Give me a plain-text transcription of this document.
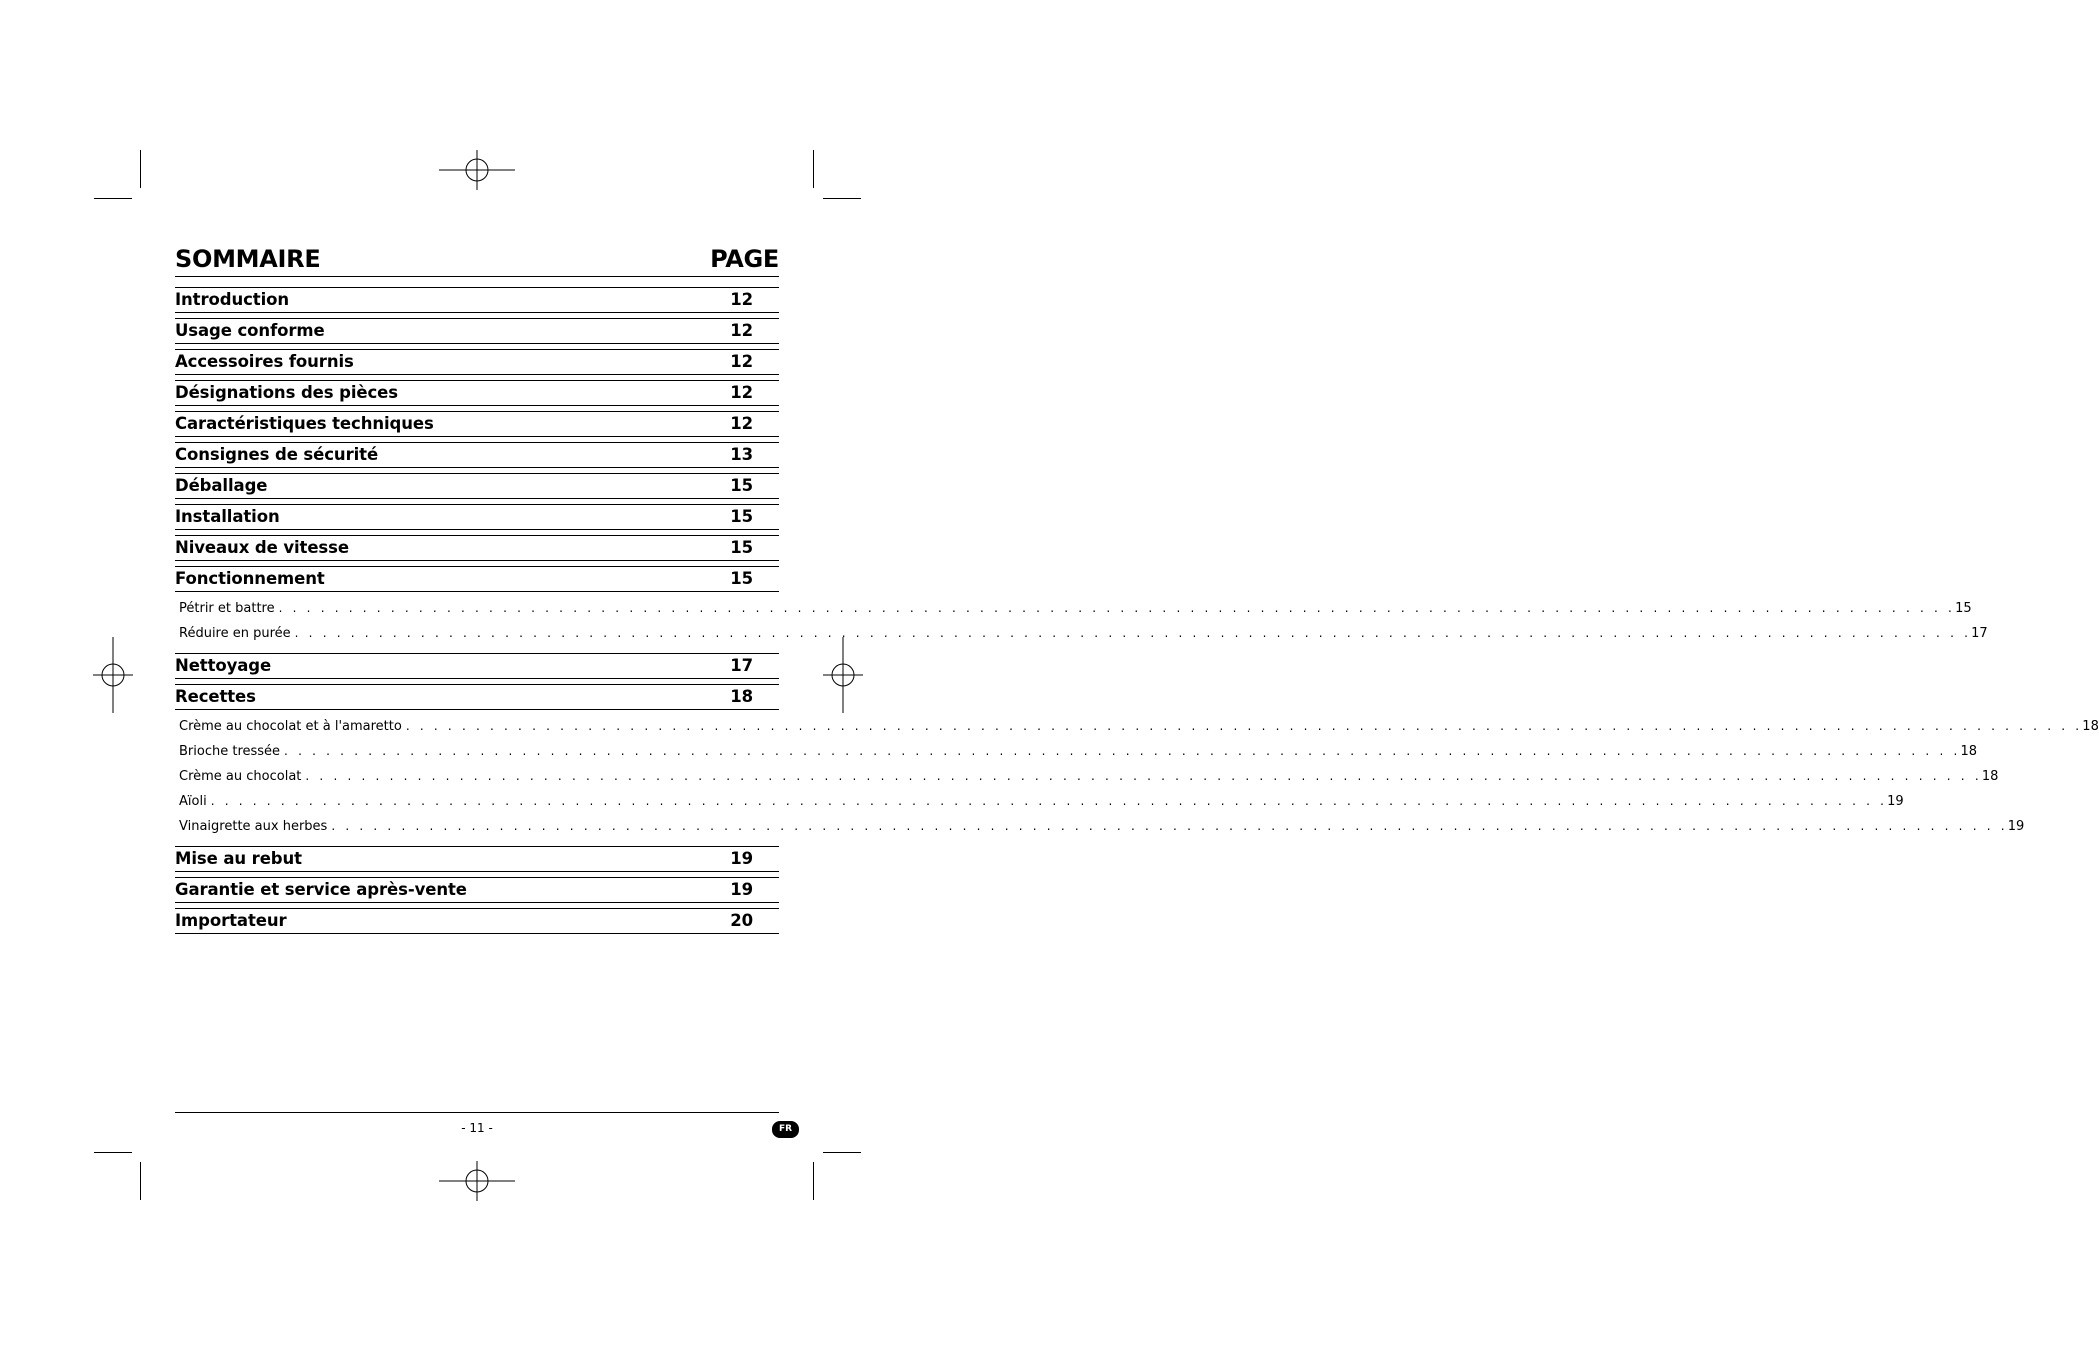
SOMMAIRE	PAGE
Introduction	12
Usage conforme	12
Accessoires fournis	12
Désignations des pièces	12
Caractéristiques techniques	12
Consignes de sécurité	13
Déballage	15
Installation	15
Niveaux de vitesse	15
Fonctionnement	15
Pétrir et battre . . . . . . . . . . . . . . . . . . . . . . . . . . . . . . . . . . . . . . . . . . . . . . . . . . . . . . . . . . . . . . . . . . . . . . . . . . . . . . . . . . . . . . . . . . . . . . . . . . . . . . . . . . . . . . . . . . . . . . . . 15
Réduire en purée . . . . . . . . . . . . . . . . . . . . . . . . . . . . . . . . . . . . . . . . . . . . . . . . . . . . . . . . . . . . . . . . . . . . . . . . . . . . . . . . . . . . . . . . . . . . . . . . . . . . . . . . . . . . . . . . . . . . . . . . 17
Nettoyage	17
Recettes	18
Crème au chocolat et à l'amaretto . . . . . . . . . . . . . . . . . . . . . . . . . . . . . . . . . . . . . . . . . . . . . . . . . . . . . . . . . . . . . . . . . . . . . . . . . . . . . . . . . . . . . . . . . . . . . . . . . . . . . . . . . . . . . . . . . . . . . . . . 18
Brioche tressée . . . . . . . . . . . . . . . . . . . . . . . . . . . . . . . . . . . . . . . . . . . . . . . . . . . . . . . . . . . . . . . . . . . . . . . . . . . . . . . . . . . . . . . . . . . . . . . . . . . . . . . . . . . . . . . . . . . . . . . . 18
Crème au chocolat . . . . . . . . . . . . . . . . . . . . . . . . . . . . . . . . . . . . . . . . . . . . . . . . . . . . . . . . . . . . . . . . . . . . . . . . . . . . . . . . . . . . . . . . . . . . . . . . . . . . . . . . . . . . . . . . . . . . . . . . 18
Aïoli . . . . . . . . . . . . . . . . . . . . . . . . . . . . . . . . . . . . . . . . . . . . . . . . . . . . . . . . . . . . . . . . . . . . . . . . . . . . . . . . . . . . . . . . . . . . . . . . . . . . . . . . . . . . . . . . . . . . . . . . 19
Vinaigrette aux herbes . . . . . . . . . . . . . . . . . . . . . . . . . . . . . . . . . . . . . . . . . . . . . . . . . . . . . . . . . . . . . . . . . . . . . . . . . . . . . . . . . . . . . . . . . . . . . . . . . . . . . . . . . . . . . . . . . . . . . . . . 19
Mise au rebut	19
Garantie et service après-vente	19
Importateur	20
- 11 -	FR
